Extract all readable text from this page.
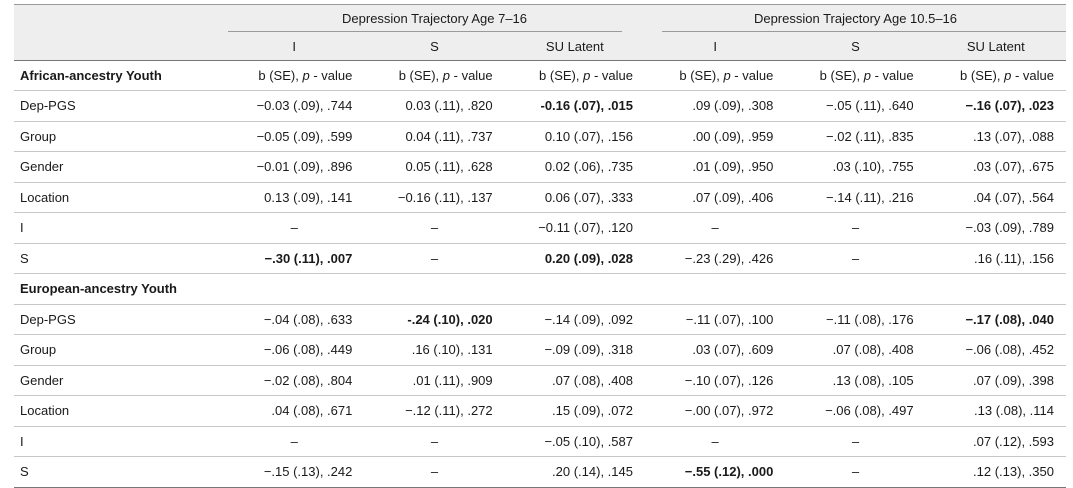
	Depression Trajectory Age 7–16			Depression Trajectory Age 10.5–16		
	I	S	SU Latent	I	S	SU Latent
African-ancestry Youth	b (SE), p - value	b (SE), p - value	b (SE), p - value	b (SE), p - value	b (SE), p - value	b (SE), p - value
Dep-PGS	−0.03 (.09), .744	0.03 (.11), .820	-0.16 (.07), .015	.09 (.09), .308	−.05 (.11), .640	−.16 (.07), .023
Group	−0.05 (.09), .599	0.04 (.11), .737	0.10 (.07), .156	.00 (.09), .959	−.02 (.11), .835	.13 (.07), .088
Gender	−0.01 (.09), .896	0.05 (.11), .628	0.02 (.06), .735	.01 (.09), .950	.03 (.10), .755	.03 (.07), .675
Location	0.13 (.09), .141	−0.16 (.11), .137	0.06 (.07), .333	.07 (.09), .406	−.14 (.11), .216	.04 (.07), .564
I	–	–	−0.11 (.07), .120	–	–	−.03 (.09), .789
S	−.30 (.11), .007	–	0.20 (.09), .028	−.23 (.29), .426	–	.16 (.11), .156
European-ancestry Youth						
Dep-PGS	−.04 (.08), .633	-.24 (.10), .020	−.14 (.09), .092	−.11 (.07), .100	−.11 (.08), .176	−.17 (.08), .040
Group	−.06 (.08), .449	.16 (.10), .131	−.09 (.09), .318	.03 (.07), .609	.07 (.08), .408	−.06 (.08), .452
Gender	−.02 (.08), .804	.01 (.11), .909	.07 (.08), .408	−.10 (.07), .126	.13 (.08), .105	.07 (.09), .398
Location	.04 (.08), .671	−.12 (.11), .272	.15 (.09), .072	−.00 (.07), .972	−.06 (.08), .497	.13 (.08), .114
I	–	–	−.05 (.10), .587	–	–	.07 (.12), .593
S	−.15 (.13), .242	–	.20 (.14), .145	−.55 (.12), .000	–	.12 (.13), .350
